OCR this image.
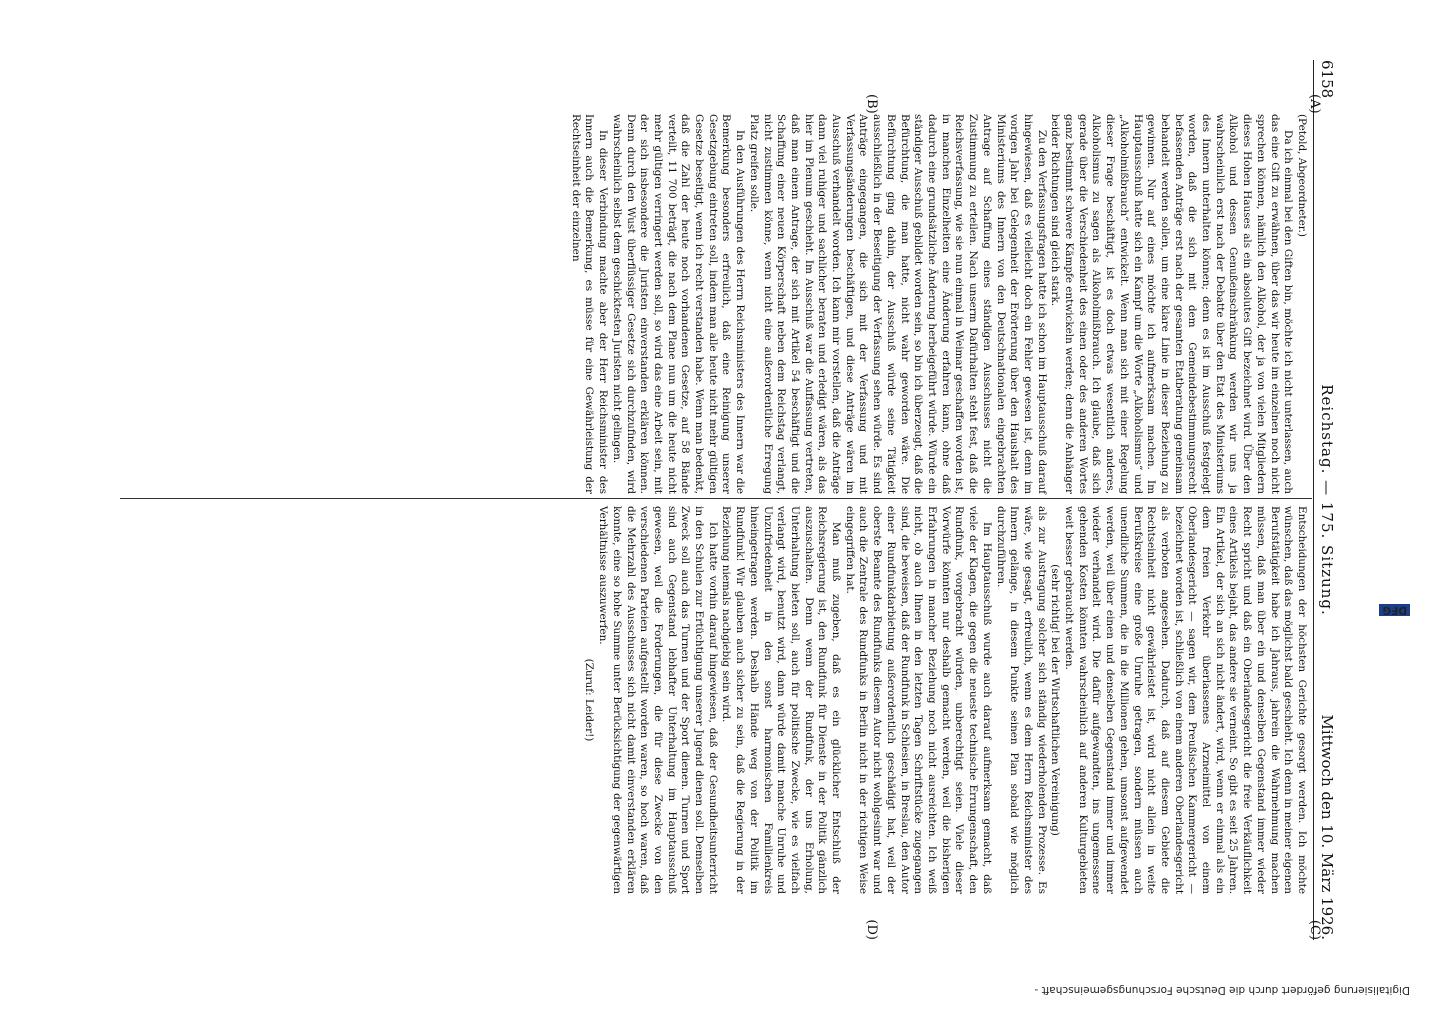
6158
Reichstag. — 175. Sitzung.
Mittwoch den 10. März 1926.
(A)
(B)
(C)
(D)

(Petold, Abgeordneter.)

Da ich einmal bei den Giften bin, möchte ich nicht unterlassen, auch das eine Gift zu erwähnen, über das wir heute im einzelnen noch nicht sprechen können, nämlich den Alkohol, der ja von vielen Mitgliedern dieses Hohen Hauses als ein absolutes Gift bezeichnet wird. Über den Alkohol und dessen Genußeinschränkung werden wir uns ja wahrscheinlich erst nach der Debatte über den Etat des Ministeriums des Innern unterhalten können; denn es ist im Ausschuß festgelegt worden, daß die sich mit dem Gemeindebestimmungsrecht befassenden Anträge erst nach der gesamten Etatberatung gemeinsam behandelt werden sollen, um eine klare Linie in dieser Beziehung zu gewinnen. Nur auf eines möchte ich aufmerksam machen. Im Hauptausschuß hatte sich ein Kampf um die Worte „Alkoholismus“ und „Alkoholmißbrauch“ entwickelt. Wenn man sich mit einer Regelung dieser Frage beschäftigt, ist es doch etwas wesentlich anderes, Alkoholismus zu sagen als Alkoholmißbrauch. Ich glaube, daß sich gerade über die Verschiedenheit des einen oder des anderen Wortes ganz bestimmt schwere Kämpfe entwickeln werden; denn die Anhänger beider Richtungen sind gleich stark.

Zu den Verfassungsfragen hatte ich schon im Hauptausschuß darauf hingewiesen, daß es vielleicht doch ein Fehler gewesen ist, denn im vorigen Jahr bei Gelegenheit der Erörterung über den Haushalt des Ministeriums des Innern von den Deutschnationalen eingebrachten Antrage auf Schaffung eines ständigen Ausschusses nicht die Zustimmung zu erteilen. Nach unserm Dafürhalten steht fest, daß die Reichsverfassung, wie sie nun einmal in Weimar geschaffen worden ist, in manchen Einzelheiten eine Änderung erfahren kann, ohne daß dadurch eine grundsätzliche Änderung herbeigeführt würde. Würde ein ständiger Ausschuß gebildet worden sein, so bin ich überzeugt, daß die Befürchtung, die man hatte, nicht wahr geworden wäre. Die Befürchtung ging dahin, der Ausschuß würde seine Tätigkeit ausschließlich in der Beseitigung der Verfassung sehen würde. Es sind Anträge eingegangen, die sich mit der Verfassung und mit Verfassungsänderungen beschäftigen, und diese Anträge wären im Ausschuß verhandelt worden. Ich kann mir vorstellen, daß die Anträge dann viel ruhiger und sachlicher beraten und erledigt wären, als das hier im Plenum geschieht. Im Ausschuß war die Auffassung vertreten, daß man einem Antrage, der sich mit Artikel 54 beschäftigt und die Schaffung einer neuen Körperschaft neben dem Reichstag verlangt, nicht zustimmen könne, wenn nicht eine außerordentliche Erregung Platz greifen solle.

In den Ausführungen des Herrn Reichsministers des Innern war die Bemerkung besonders erfreulich, daß eine Reinigung unserer Gesetzgebung eintreten soll, indem man alle heute nicht mehr gültigen Gesetze beseitigt, wenn ich recht verstanden habe. Wenn man bedenkt, daß die Zahl der heute noch vorhandenen Gesetze, auf 58 Bände verteilt, 11 700 beträgt, die nach dem Plane nun um die heute nicht mehr gültigen verringert werden soll, so wird das eine Arbeit sein, mit der sich insbesondere die Juristen einverstanden erklären können. Denn durch den Wust überflüssiger Gesetze sich durchzufinden, wird wahrscheinlich selbst dem geschicktesten Juristen nicht gelingen.

In dieser Verbindung machte aber der Herr Reichsminister des Innern auch die Bemerkung, es müsse für eine Gewährleistung der Rechtseinheit der einzelnen

Entscheidungen der höchsten Gerichte gesorgt werden. Ich möchte wünschen, daß das möglichst bald geschieht. Ich denn in meiner eigenen Berufstätigkeit habe ich Jahraus, jahrein die Wahrnehmung machen müssen, daß man über ein und denselben Gegenstand immer wieder Recht spricht und daß ein Oberlandesgericht die freie Verkäuflichkeit eines Artikels bejaht, das andere sie verneint. So gibt es seit 25 Jahren. Ein Artikel, der sich an sich nicht ändert, wird, wenn er einmal als ein dem freien Verkehr überlassenes Arzneimittel von einem Oberlandesgericht — sagen wir, dem Preußischen Kammergericht — bezeichnet worden ist, schließlich von einem anderen Oberlandesgericht als verboten angesehen. Dadurch, daß auf diesem Gebiete die Rechtseinheit nicht gewährleistet ist, wird nicht allein in weite Berufskreise eine große Unruhe getragen, sondern müssen auch unendliche Summen, die in die Millionen gehen, umsonst aufgewendet werden, weil über einen und denselben Gegenstand immer und immer wieder verhandelt wird. Die dafür aufgewandten, ins ungemessene gehenden Kosten könnten wahrscheinlich auf anderen Kulturgebieten weit besser gebraucht werden.

(sehr richtig! bei der Wirtschaftlichen Vereinigung)

als zur Austragung solcher sich ständig wiederholenden Prozesse. Es wäre, wie gesagt, erfreulich, wenn es dem Herrn Reichsminister des Innern gelänge, in diesem Punkte seinen Plan sobald wie möglich durchzuführen.

Im Hauptausschuß wurde auch darauf aufmerksam gemacht, daß viele der Klagen, die gegen die neueste technische Errungenschaft, den Rundfunk, vorgebracht würden, unberechtigt seien. Viele dieser Vorwürfe könnten nur deshalb gemacht werden, weil die bisherigen Erfahrungen in mancher Beziehung noch nicht ausreichten. Ich weiß nicht, ob auch Ihnen in den letzten Tagen Schriftstücke zugegangen sind, die beweisen, daß der Rundfunk in Schlesien, in Breslau, den Autor einer Rundfunkdarbietung außerordentlich geschädigt hat, weil der oberste Beamte des Rundfunks diesem Autor nicht wohlgesinnt war und auch die Zentrale des Rundfunks in Berlin nicht in der richtigen Weise eingegriffen hat.

Man muß zugeben, daß es ein glücklicher Entschluß der Reichsregierung ist, den Rundfunk für Dienste in der Politik gänzlich auszuschalten. Denn wenn der Rundfunk, der uns Erholung, Unterhaltung bieten soll, auch für politische Zwecke, wie es vielfach verlangt wird, benutzt wird, dann würde damit manche Unruhe und Unzufriedenheit in den sonst harmonischen Familienkreis hineingetragen werden. Deshalb Hände weg von der Politik im Rundfunk! Wir glauben auch sicher zu sein, daß die Regierung in der Beziehung niemals nachgiebig sein wird.

Ich hatte vorhin darauf hingewiesen, daß der Gesundheitsunterricht in den Schulen zur Ertüchtigung unserer Jugend dienen soll. Demselben Zweck soll auch das Turnen und der Sport dienen. Turnen und Sport sind auch Gegenstand lebhafter Unterhaltung im Hauptausschuß gewesen, weil die Forderungen, die für diese Zwecke von den verschiedenen Parteien aufgestellt worden waren, so hoch waren, daß die Mehrzahl des Ausschusses sich nicht damit einverstanden erklären konnte, eine so hohe Summe unter Berücksichtigung der gegenwärtigen Verhältnisse auszuwerfen.

(Zuruf: Leider!)

Digitalisierung gefördert durch die Deutsche Forschungsgemeinschaft -DFG
